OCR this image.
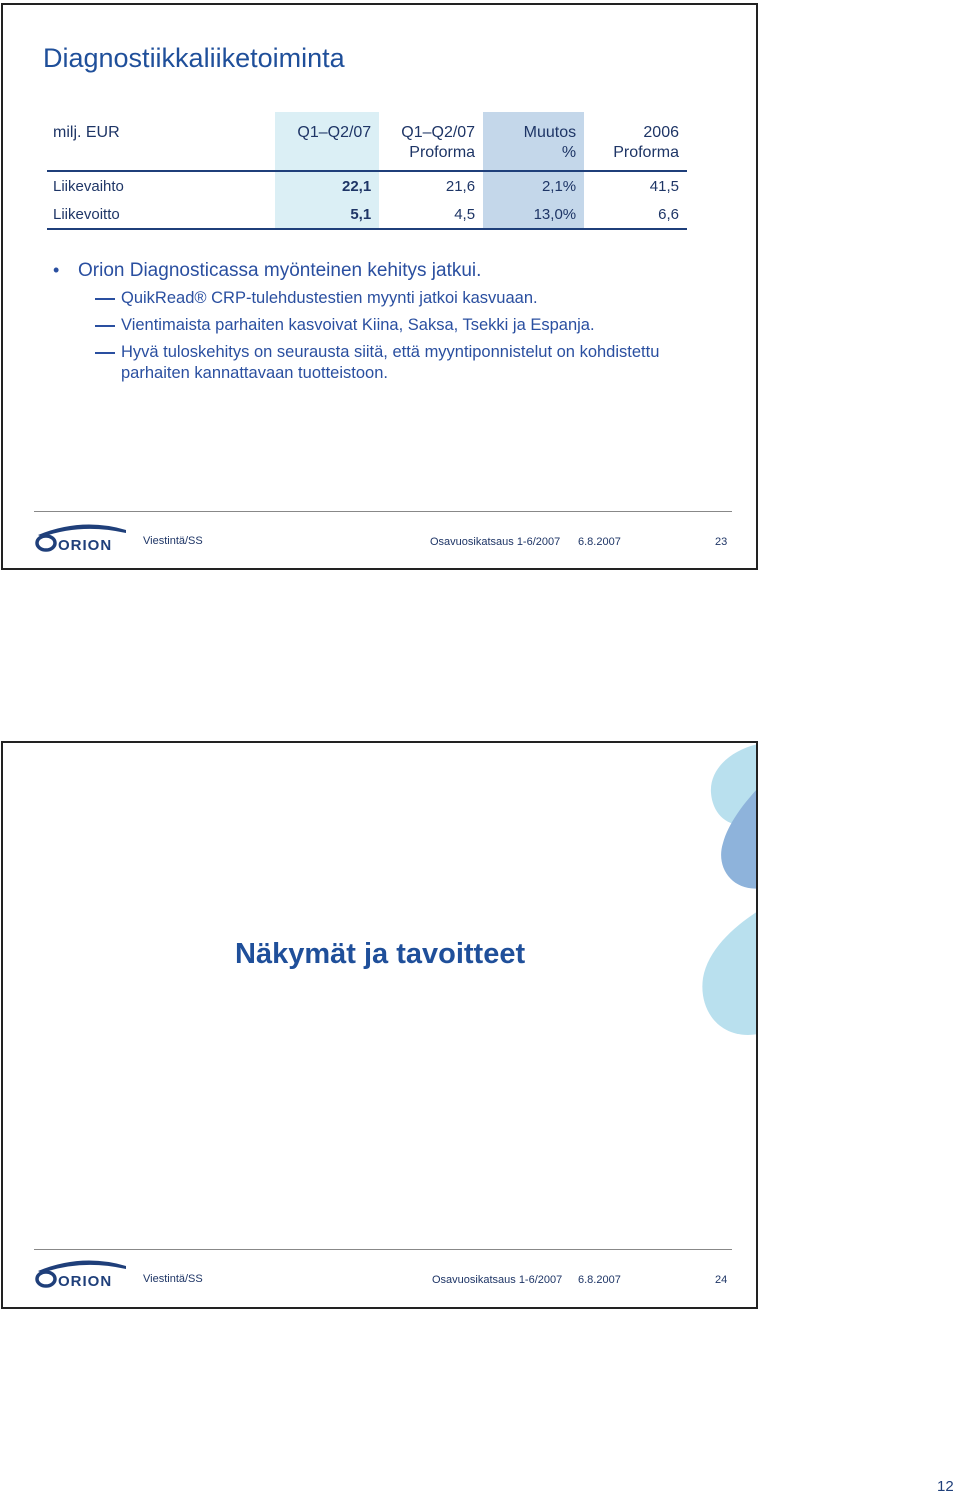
Diagnostiikkaliiketoiminta
milj. EUR	Q1–Q2/07	Q1–Q2/07	Muutos	2006
		Proforma	%	Proforma
Liikevaihto	22,1	21,6	2,1%	41,5
Liikevoitto	5,1	4,5	13,0%	6,6
• Orion Diagnosticassa myönteinen kehitys jatkui.
QuikRead® CRP-tulehdustestien myynti jatkoi kasvuaan.
Vientimaista parhaiten kasvoivat Kiina, Saksa, Tsekki ja Espanja.
Hyvä tuloskehitys on seurausta siitä, että myyntiponnistelut on kohdistettu parhaiten kannattavaan tuotteistoon.
ORION	Viestintä/SS	Osavuosikatsaus 1-6/2007 6.8.2007	23
Näkymät ja tavoitteet
ORION	Viestintä/SS	Osavuosikatsaus 1-6/2007 6.8.2007	24
12
